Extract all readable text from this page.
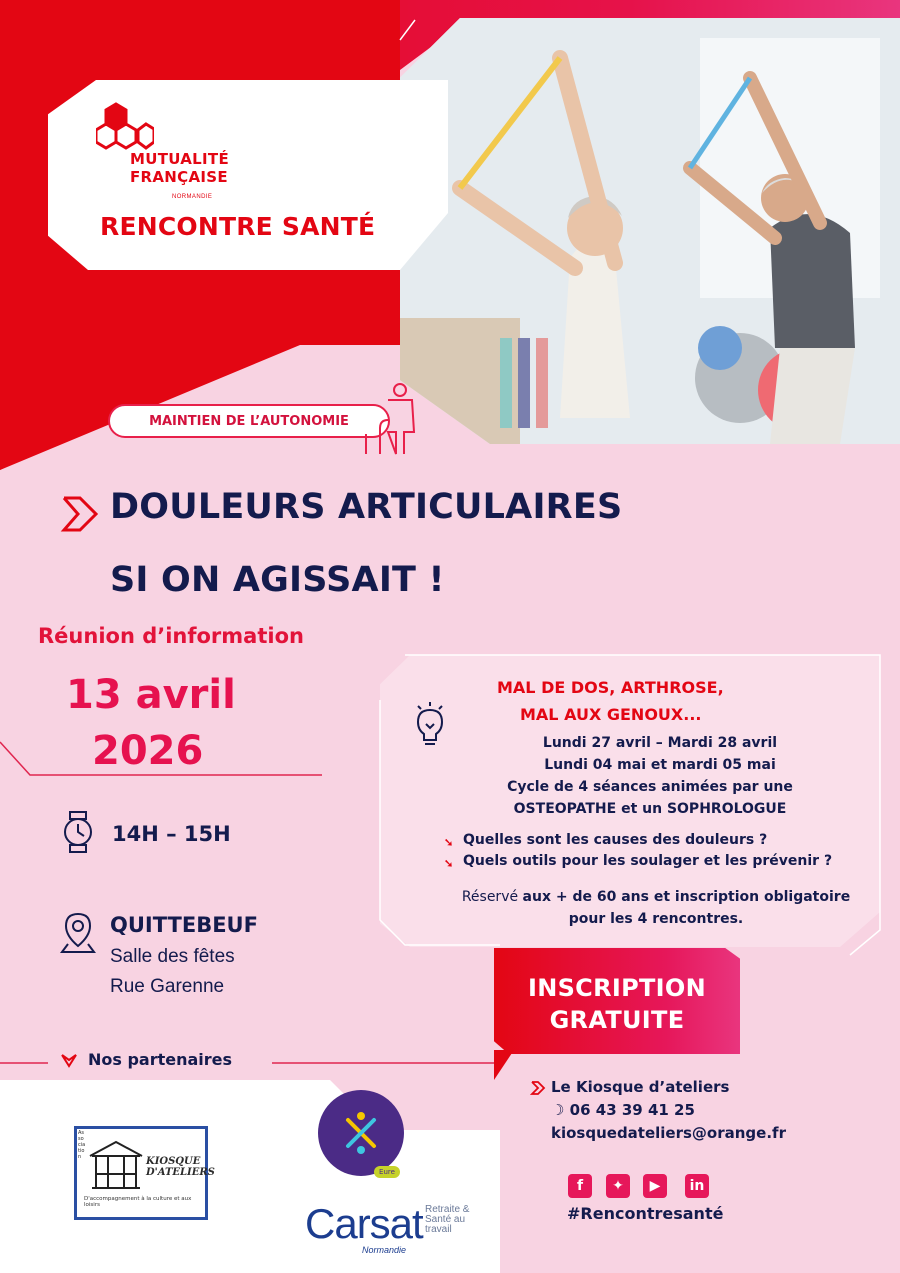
MUTUALITÉ
FRANÇAISE
NORMANDIE
RENCONTRE SANTÉ
MAINTIEN DE L’AUTONOMIE
DOULEURS ARTICULAIRES
SI ON AGISSAIT !
Réunion d’information
13 avril
2026
14H – 15H
QUITTEBEUF
Salle des fêtes
Rue Garenne
MAL DE DOS, ARTHROSE,
MAL AUX GENOUX...
Lundi 27 avril – Mardi 28 avril
Lundi 04 mai et mardi 05 mai
Cycle de 4 séances animées par une
OSTEOPATHE et un SOPHROLOGUE
➘ Quelles sont les causes des douleurs ?
➘ Quels outils pour les soulager et les prévenir ?
Réservé aux + de 60 ans et inscription obligatoire
pour les 4 rencontres.
INSCRIPTION
GRATUITE
Nos partenaires
Le Kiosque d’ateliers
☽ 06 43 39 41 25
kiosquedateliers@orange.fr
f	✦	▶	in
#Rencontresanté
KIOSQUE D'ATELIERS
D'accompagnement à la culture et aux loisirs
Association
Eure
Carsat Retraite & Santé au travail
Normandie
